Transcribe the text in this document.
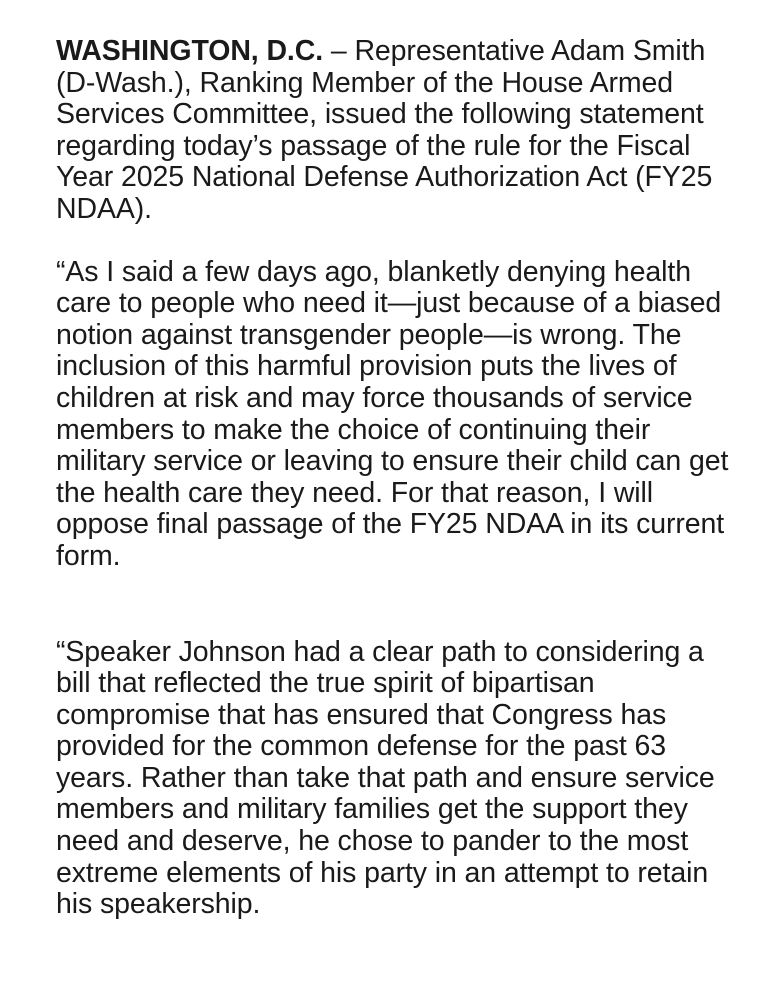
WASHINGTON, D.C. – Representative Adam Smith (D-Wash.), Ranking Member of the House Armed Services Committee, issued the following statement regarding today’s passage of the rule for the Fiscal Year 2025 National Defense Authorization Act (FY25 NDAA).

“As I said a few days ago, blanketly denying health care to people who need it—just because of a biased notion against transgender people—is wrong. The inclusion of this harmful provision puts the lives of children at risk and may force thousands of service members to make the choice of continuing their military service or leaving to ensure their child can get the health care they need. For that reason, I will oppose final passage of the FY25 NDAA in its current form.

“Speaker Johnson had a clear path to considering a bill that reflected the true spirit of bipartisan compromise that has ensured that Congress has provided for the common defense for the past 63 years. Rather than take that path and ensure service members and military families get the support they need and deserve, he chose to pander to the most extreme elements of his party in an attempt to retain his speakership.
